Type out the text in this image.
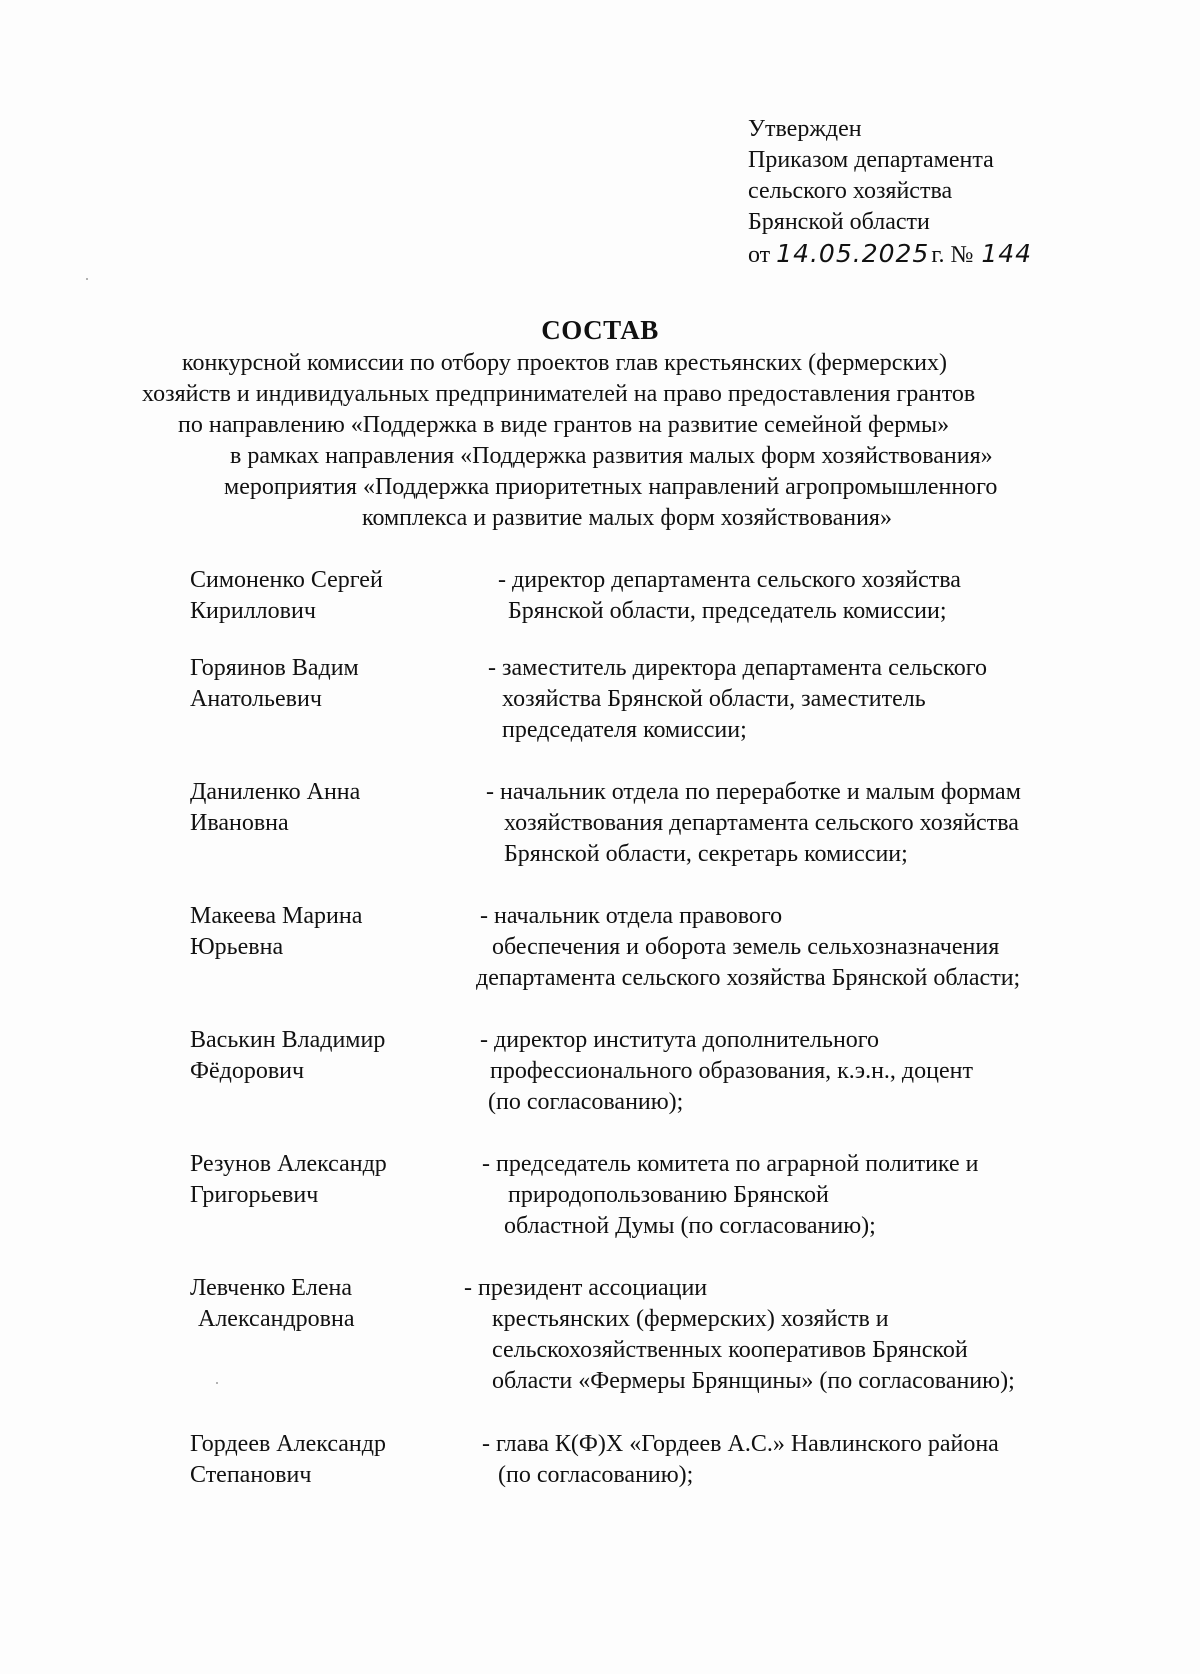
Утвержден
Приказом департамента
сельского хозяйства
Брянской области
от 14.05.2025г. № 144
СОСТАВ
конкурсной комиссии по отбору проектов глав крестьянских (фермерских)
хозяйств и индивидуальных предпринимателей на право предоставления грантов
по направлению «Поддержка в виде грантов на развитие семейной фермы»
в рамках направления «Поддержка развития малых форм хозяйствования»
мероприятия «Поддержка приоритетных направлений агропромышленного
комплекса и развитие малых форм хозяйствования»
Симоненко Сергей
Кириллович
- директор департамента сельского хозяйства
Брянской области, председатель комиссии;
Горяинов Вадим
Анатольевич
- заместитель директора департамента сельского
хозяйства Брянской области, заместитель
председателя комиссии;
Даниленко Анна
Ивановна
- начальник отдела по переработке и малым формам
хозяйствования департамента сельского хозяйства
Брянской области, секретарь комиссии;
Макеева Марина
Юрьевна
- начальник отдела правового
обеспечения и оборота земель сельхозназначения
департамента сельского хозяйства Брянской области;
Васькин Владимир
Фёдорович
- директор института дополнительного
профессионального образования, к.э.н., доцент
(по согласованию);
Резунов Александр
Григорьевич
- председатель комитета по аграрной политике и
природопользованию Брянской
областной Думы (по согласованию);
Левченко Елена
Александровна
- президент ассоциации
крестьянских (фермерских) хозяйств и
сельскохозяйственных кооперативов Брянской
области «Фермеры Брянщины» (по согласованию);
Гордеев Александр
Степанович
- глава К(Ф)Х «Гордеев А.С.» Навлинского района
(по согласованию);
